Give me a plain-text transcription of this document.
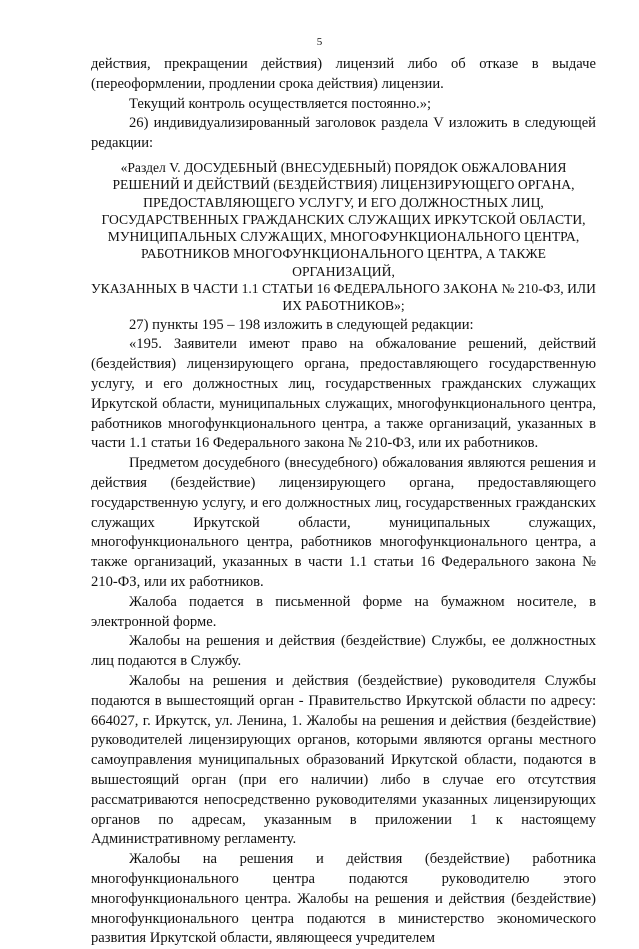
5

действия, прекращении действия) лицензий либо об отказе в выдаче (переоформлении, продлении срока действия) лицензии.

Текущий контроль осуществляется постоянно.»;

26) индивидуализированный заголовок раздела V изложить в следующей редакции:

«Раздел V. ДОСУДЕБНЫЙ (ВНЕСУДЕБНЫЙ) ПОРЯДОК ОБЖАЛОВАНИЯ
РЕШЕНИЙ И ДЕЙСТВИЙ (БЕЗДЕЙСТВИЯ) ЛИЦЕНЗИРУЮЩЕГО ОРГАНА,
ПРЕДОСТАВЛЯЮЩЕГО УСЛУГУ, И ЕГО ДОЛЖНОСТНЫХ ЛИЦ,
ГОСУДАРСТВЕННЫХ ГРАЖДАНСКИХ СЛУЖАЩИХ ИРКУТСКОЙ ОБЛАСТИ,
МУНИЦИПАЛЬНЫХ СЛУЖАЩИХ, МНОГОФУНКЦИОНАЛЬНОГО ЦЕНТРА,
РАБОТНИКОВ МНОГОФУНКЦИОНАЛЬНОГО ЦЕНТРА, А ТАКЖЕ ОРГАНИЗАЦИЙ,
УКАЗАННЫХ В ЧАСТИ 1.1 СТАТЬИ 16 ФЕДЕРАЛЬНОГО ЗАКОНА № 210-ФЗ, ИЛИ
ИХ РАБОТНИКОВ»;

27) пункты 195 – 198 изложить в следующей редакции:

«195. Заявители имеют право на обжалование решений, действий (бездействия) лицензирующего органа, предоставляющего государственную услугу, и его должностных лиц, государственных гражданских служащих Иркутской области, муниципальных служащих, многофункционального центра, работников многофункционального центра, а также организаций, указанных в части 1.1 статьи 16 Федерального закона № 210-ФЗ, или их работников.

Предметом досудебного (внесудебного) обжалования являются решения и действия (бездействие) лицензирующего органа, предоставляющего государственную услугу, и его должностных лиц, государственных гражданских служащих Иркутской области, муниципальных служащих, многофункционального центра, работников многофункционального центра, а также организаций, указанных в части 1.1 статьи 16 Федерального закона № 210-ФЗ, или их работников.

Жалоба подается в письменной форме на бумажном носителе, в электронной форме.

Жалобы на решения и действия (бездействие) Службы, ее должностных лиц подаются в Службу.

Жалобы на решения и действия (бездействие) руководителя Службы подаются в вышестоящий орган - Правительство Иркутской области по адресу: 664027, г. Иркутск, ул. Ленина, 1. Жалобы на решения и действия (бездействие) руководителей лицензирующих органов, которыми являются органы местного самоуправления муниципальных образований Иркутской области, подаются в вышестоящий орган (при его наличии) либо в случае его отсутствия рассматриваются непосредственно руководителями указанных лицензирующих органов по адресам, указанным в приложении 1 к настоящему Административному регламенту.

Жалобы на решения и действия (бездействие) работника многофункционального центра подаются руководителю этого многофункционального центра. Жалобы на решения и действия (бездействие) многофункционального центра подаются в министерство экономического развития Иркутской области, являющееся учредителем
